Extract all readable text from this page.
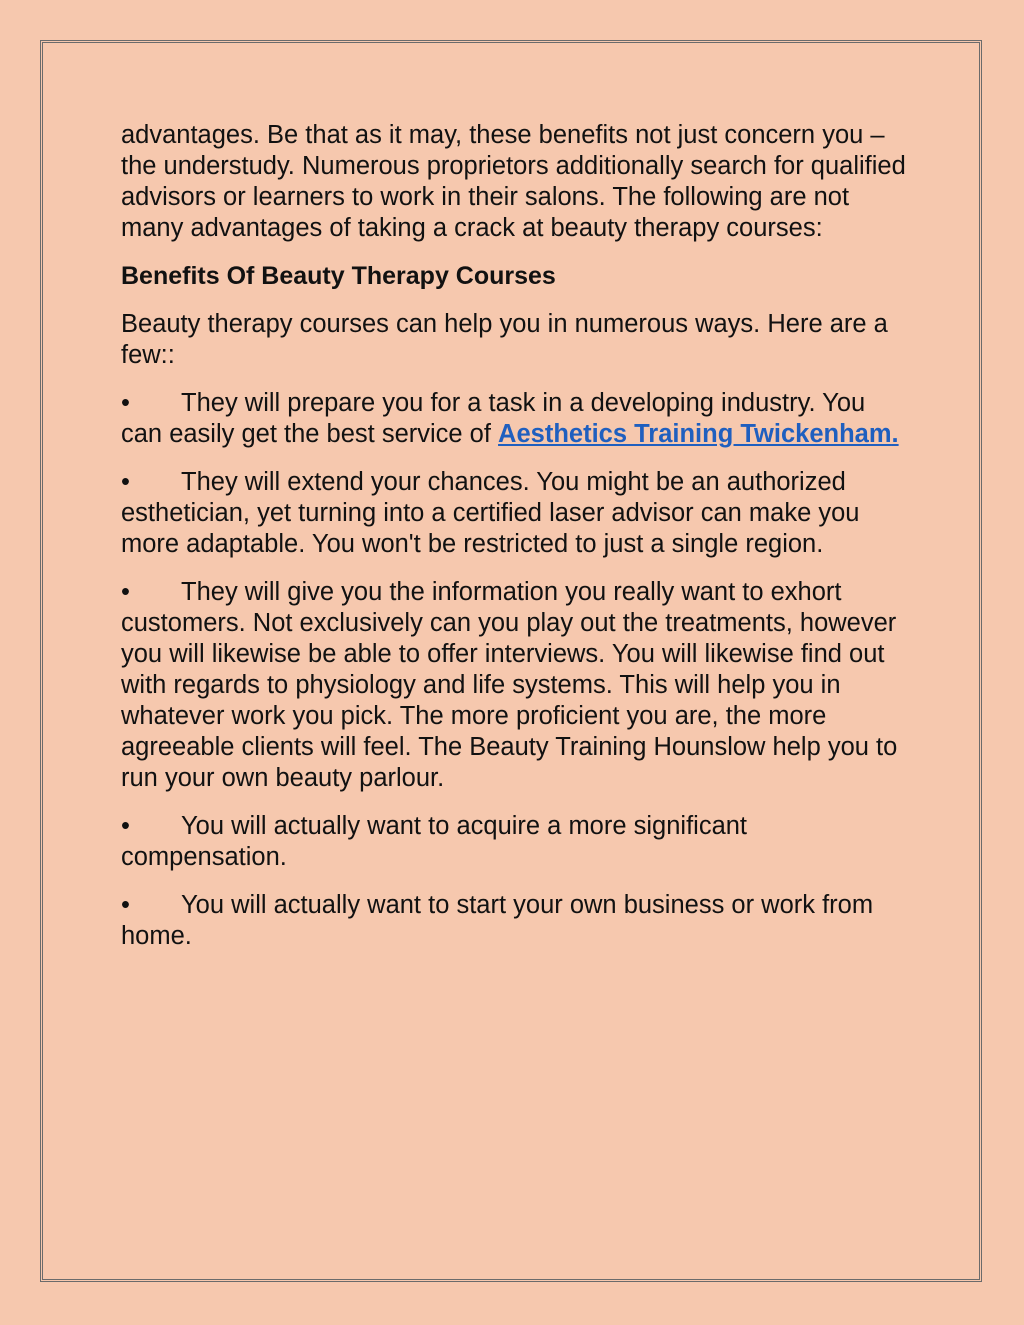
advantages. Be that as it may, these benefits not just concern you – the understudy. Numerous proprietors additionally search for qualified advisors or learners to work in their salons. The following are not many advantages of taking a crack at beauty therapy courses:

Benefits Of Beauty Therapy Courses

Beauty therapy courses can help you in numerous ways. Here are a few::

• They will prepare you for a task in a developing industry. You can easily get the best service of Aesthetics Training Twickenham.

• They will extend your chances. You might be an authorized esthetician, yet turning into a certified laser advisor can make you more adaptable. You won't be restricted to just a single region.

• They will give you the information you really want to exhort customers. Not exclusively can you play out the treatments, however you will likewise be able to offer interviews. You will likewise find out with regards to physiology and life systems. This will help you in whatever work you pick. The more proficient you are, the more agreeable clients will feel. The Beauty Training Hounslow help you to run your own beauty parlour.

• You will actually want to acquire a more significant compensation.

• You will actually want to start your own business or work from home.
